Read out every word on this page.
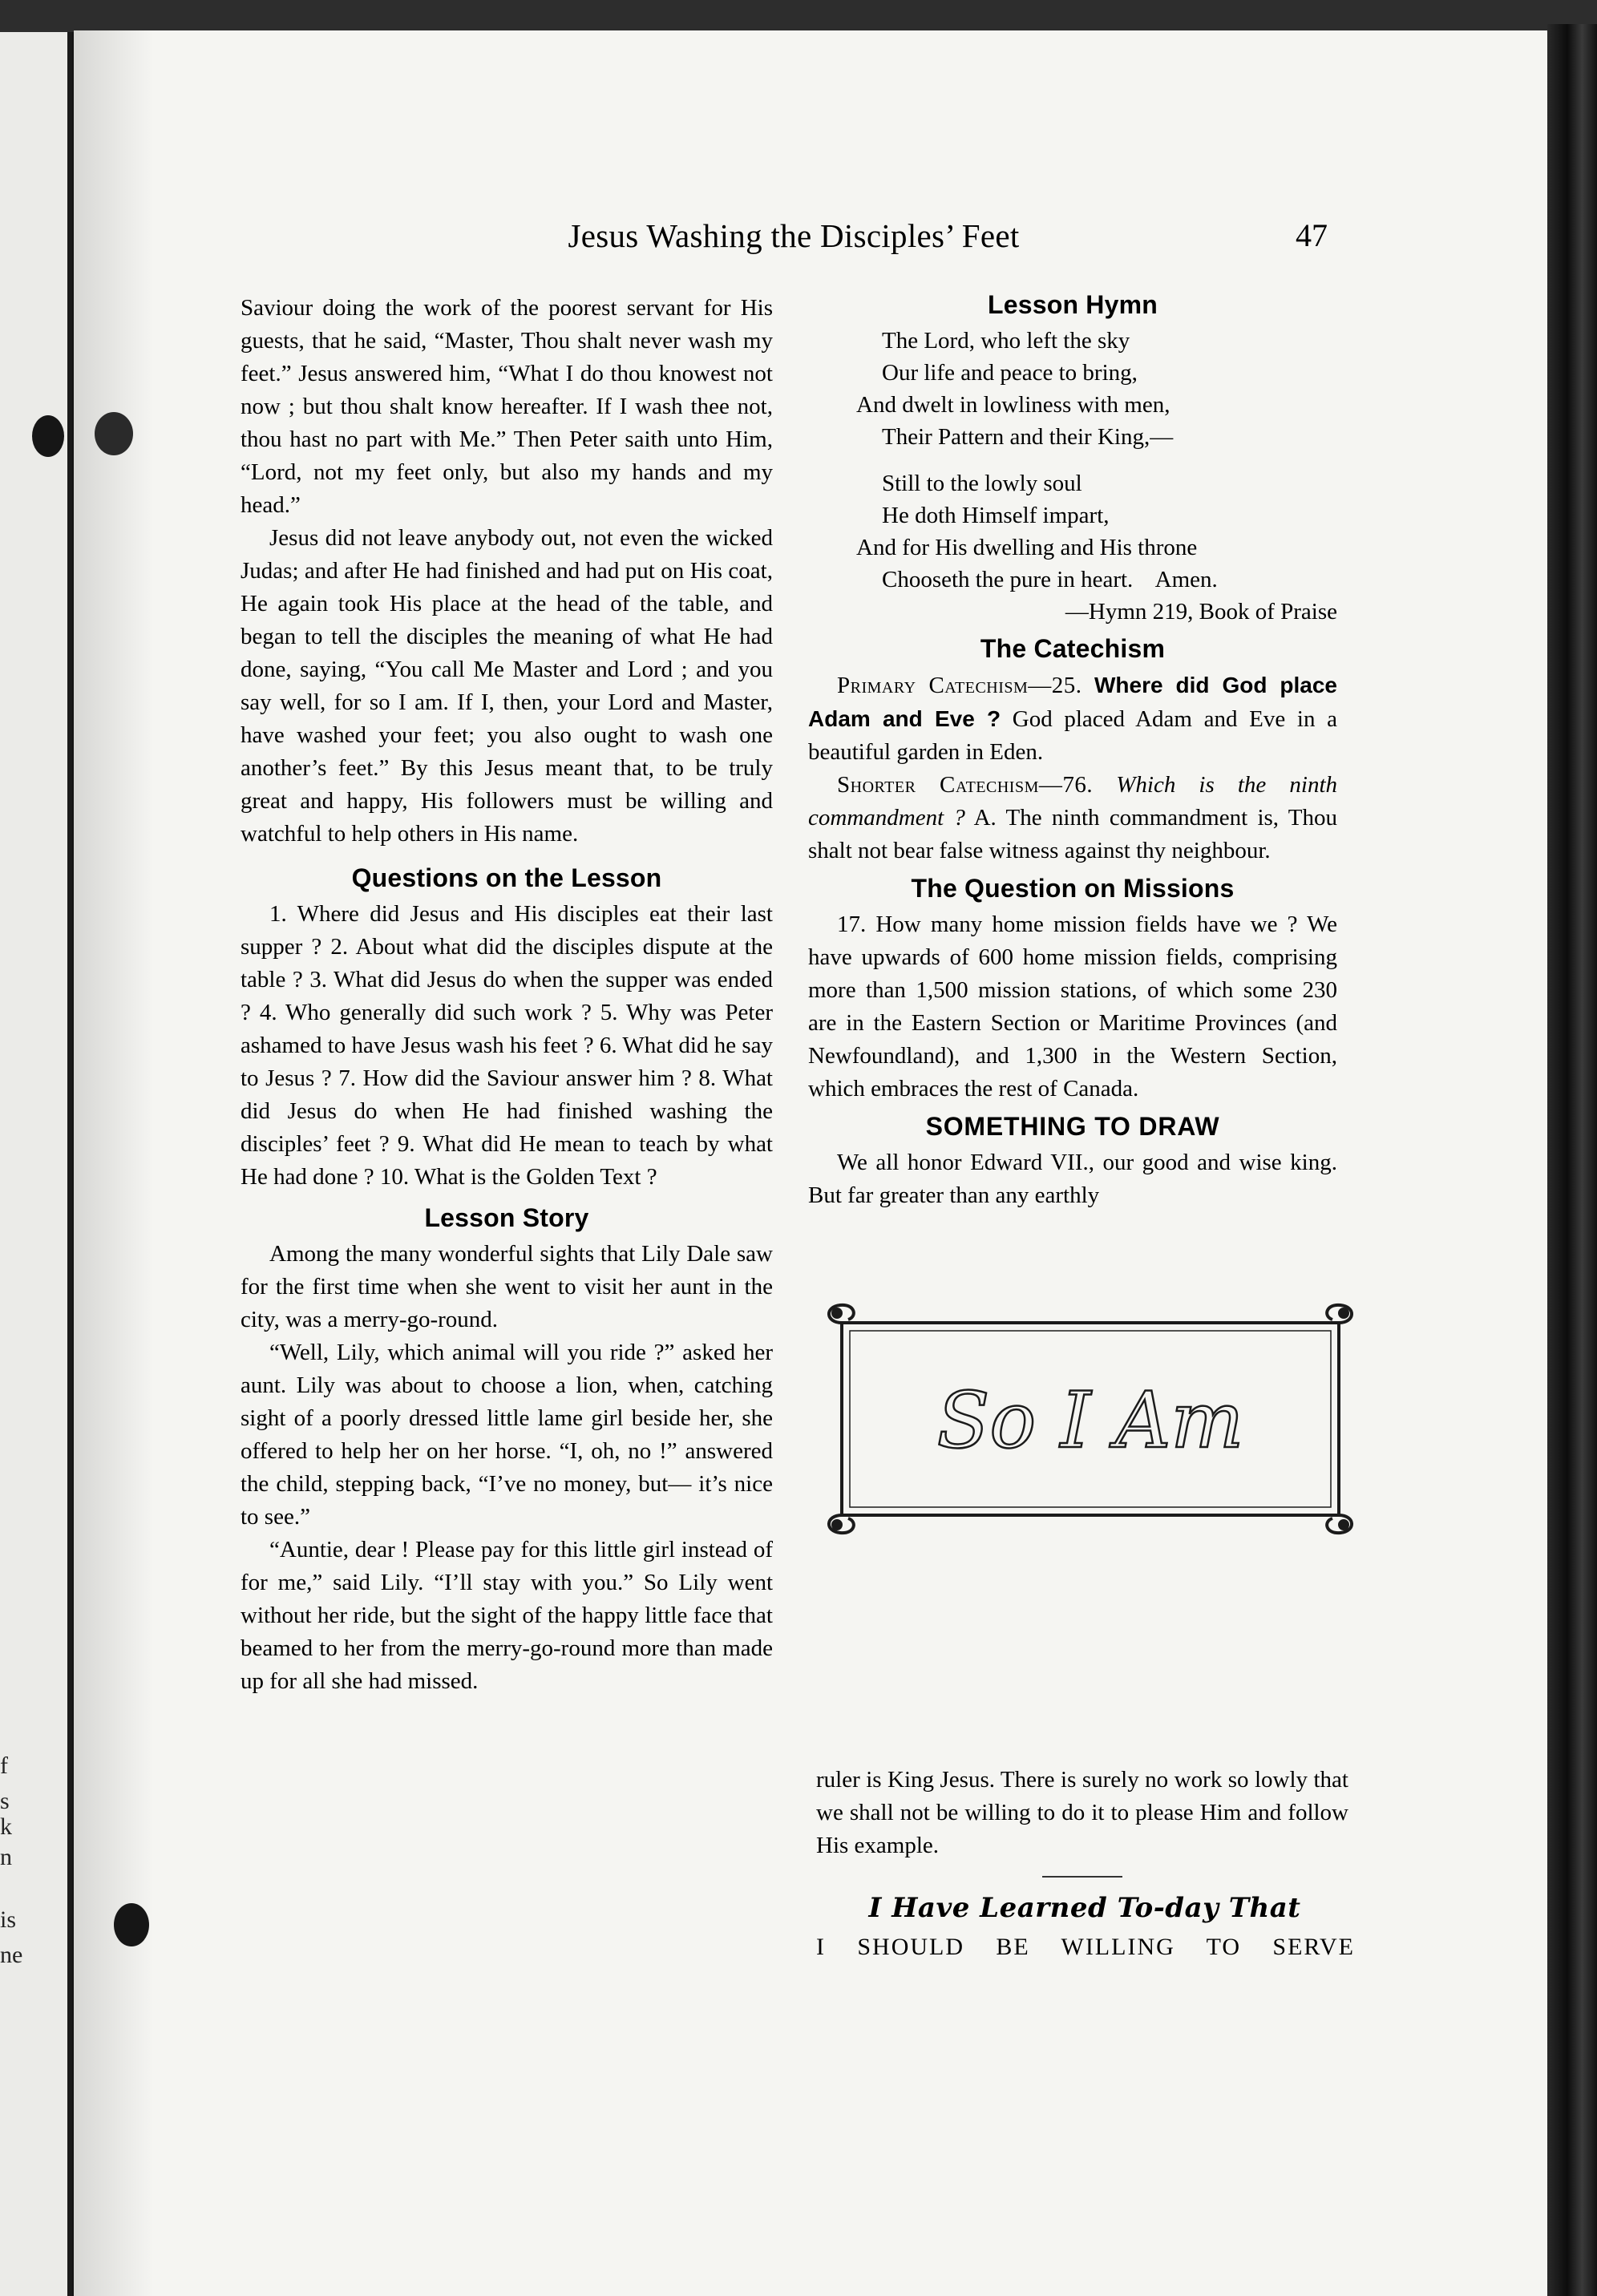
f
s
k
n
is
ne
Jesus Washing the Disciples’ Feet	47

Saviour doing the work of the poorest servant for His guests, that he said, “Master, Thou shalt never wash my feet.” Jesus answered him, “What I do thou knowest not now ; but thou shalt know hereafter. If I wash thee not, thou hast no part with Me.” Then Peter saith unto Him, “Lord, not my feet only, but also my hands and my head.”

Jesus did not leave anybody out, not even the wicked Judas; and after He had finished and had put on His coat, He again took His place at the head of the table, and began to tell the disciples the meaning of what He had done, saying, “You call Me Master and Lord ; and you say well, for so I am. If I, then, your Lord and Master, have washed your feet; you also ought to wash one another’s feet.” By this Jesus meant that, to be truly great and happy, His followers must be willing and watchful to help others in His name.

Questions on the Lesson

1. Where did Jesus and His disciples eat their last supper ? 2. About what did the disciples dispute at the table ? 3. What did Jesus do when the supper was ended ? 4. Who generally did such work ? 5. Why was Peter ashamed to have Jesus wash his feet ? 6. What did he say to Jesus ? 7. How did the Saviour answer him ? 8. What did Jesus do when He had finished washing the disciples’ feet ? 9. What did He mean to teach by what He had done ? 10. What is the Golden Text ?

Lesson Story

Among the many wonderful sights that Lily Dale saw for the first time when she went to visit her aunt in the city, was a merry-go-round.

“Well, Lily, which animal will you ride ?” asked her aunt. Lily was about to choose a lion, when, catching sight of a poorly dressed little lame girl beside her, she offered to help her on her horse. “I, oh, no !” answered the child, stepping back, “I’ve no money, but— it’s nice to see.”

“Auntie, dear ! Please pay for this little girl instead of for me,” said Lily. “I’ll stay with you.” So Lily went without her ride, but the sight of the happy little face that beamed to her from the merry-go-round more than made up for all she had missed.

Lesson Hymn
The Lord, who left the sky
Our life and peace to bring,
And dwelt in lowliness with men,
Their Pattern and their King,—
Still to the lowly soul
He doth Himself impart,
And for His dwelling and His throne
Chooseth the pure in heart.    Amen.
—Hymn 219, Book of Praise
The Catechism

Primary Catechism—25. Where did God place Adam and Eve ? God placed Adam and Eve in a beautiful garden in Eden.

Shorter Catechism—76. Which is the ninth commandment ? A. The ninth commandment is, Thou shalt not bear false witness against thy neighbour.

The Question on Missions

17. How many home mission fields have we ? We have upwards of 600 home mission fields, comprising more than 1,500 mission stations, of which some 230 are in the Eastern Section or Maritime Provinces (and Newfoundland), and 1,300 in the Western Section, which embraces the rest of Canada.

SOMETHING TO DRAW

We all honor Edward VII., our good and wise king. But far greater than any earthly

So I Am

ruler is King Jesus. There is surely no work so lowly that we shall not be willing to do it to please Him and follow His example.

I Have Learned To-day That
I SHOULD BE WILLING TO SERVE
